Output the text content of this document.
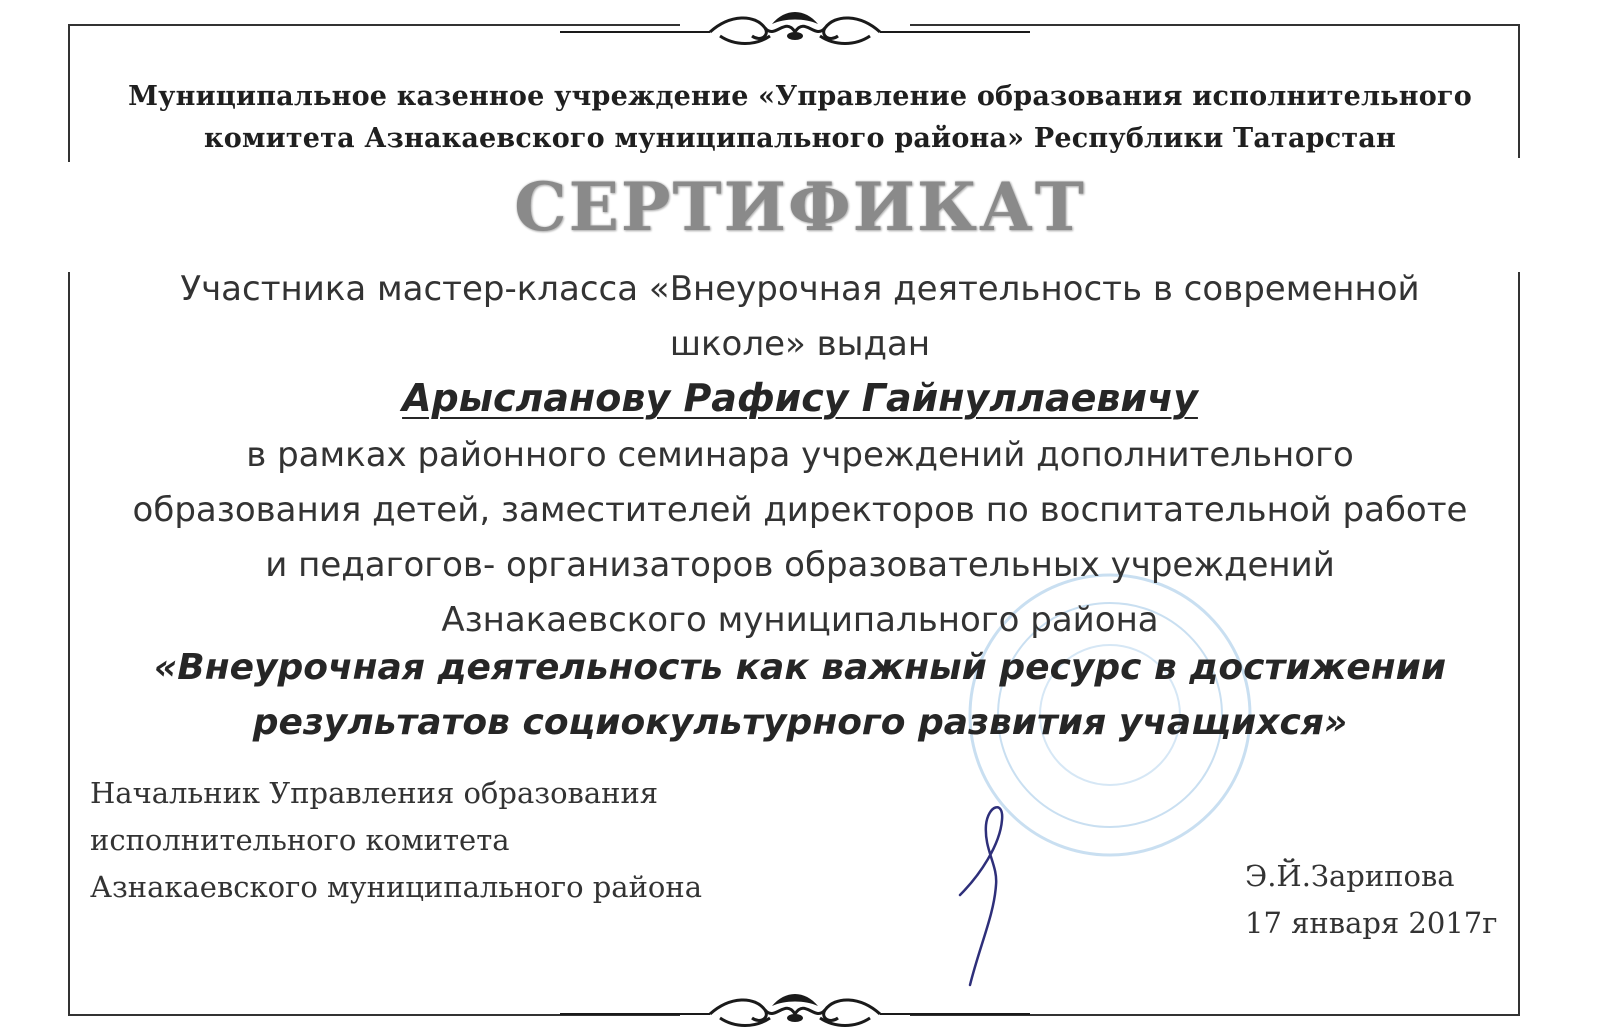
Муниципальное казенное учреждение «Управление образования исполнительного
комитета Азнакаевского муниципального района» Республики Татарстан
СЕРТИФИКАТ
Участника мастер-класса «Внеурочная деятельность в современной
школе» выдан
Арысланову Рафису Гайнуллаевичу
в рамках районного семинара учреждений дополнительного
образования детей, заместителей директоров по воспитательной работе
и педагогов- организаторов образовательных учреждений
Азнакаевского муниципального района
«Внеурочная деятельность как важный ресурс в достижении
результатов социокультурного развития учащихся»
Начальник Управления образования
исполнительного комитета
Азнакаевского муниципального района	Э.Й.Зарипова
17 января 2017г
